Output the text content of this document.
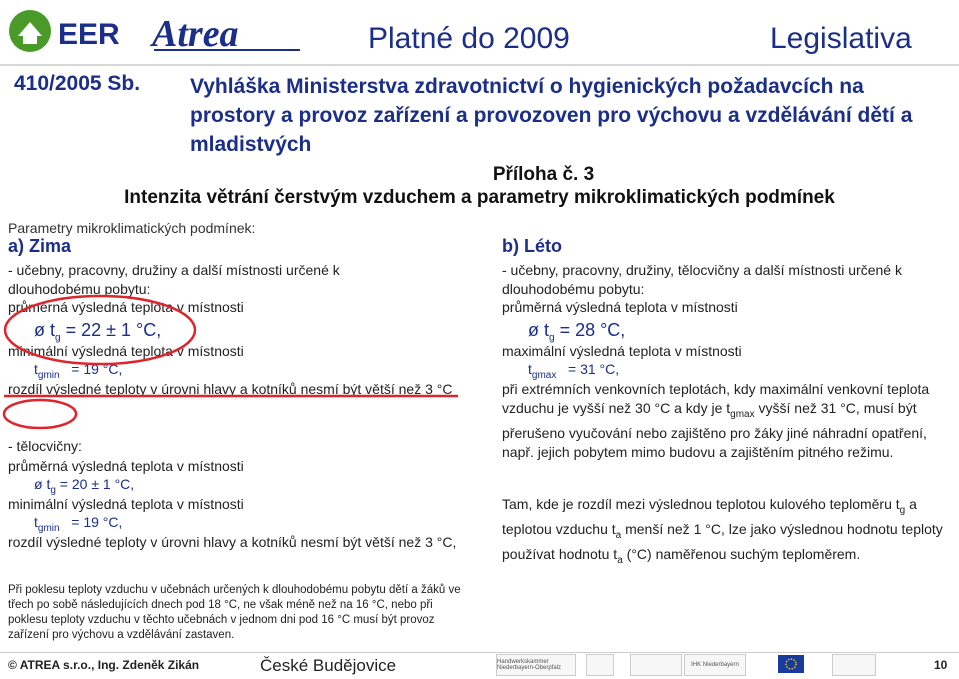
EER Atrea	Platné do 2009	Legislativa
410/2005 Sb. Vyhláška Ministerstva zdravotnictví o hygienických požadavcích na prostory a provoz zařízení a provozoven pro výchovu a vzdělávání dětí a mladistvých
Příloha č. 3
Intenzita větrání čerstvým vzduchem a parametry mikroklimatických podmínek
Parametry mikroklimatických podmínek:
a) Zima
- učebny, pracovny, družiny a další místnosti určené k dlouhodobému pobytu:
průměrná výsledná teplota v místnosti
ø $t_g = 22 \pm 1$ °C,
minimální výsledná teplota v místnosti
$t_{gmin} = 19$ °C,
rozdíl výsledné teploty v úrovni hlavy a kotníků nesmí být větší než 3 °C
- tělocvičny:
průměrná výsledná teplota v místnosti
ø $t_g = 20 \pm 1$ °C,
minimální výsledná teplota v místnosti
$t_{gmin} = 19$ °C,
rozdíl výsledné teploty v úrovni hlavy a kotníků nesmí být větší než 3 °C,
b) Léto
- učebny, pracovny, družiny, tělocvičny a další místnosti určené k dlouhodobému pobytu:
průměrná výsledná teplota v místnosti
ø $t_g = 28$ °C,
maximální výsledná teplota v místnosti
$t_{gmax} = 31$ °C,
při extrémních venkovních teplotách, kdy maximální venkovní teplota vzduchu je vyšší než 30 °C a kdy je $t_{gmax}$ vyšší než 31 °C, musí být přerušeno vyučování nebo zajištěno pro žáky jiné náhradní opatření, např. jejich pobytem mimo budovu a zajištěním pitného režimu.
Tam, kde je rozdíl mezi výslednou teplotou kulového teploměru $t_g$ a teplotou vzduchu $t_a$ menší než 1 °C, lze jako výslednou hodnotu teploty používat hodnotu $t_a$ (°C) naměřenou suchým teploměrem.
Při poklesu teploty vzduchu v učebnách určených k dlouhodobému pobytu dětí a žáků ve třech po sobě následujících dnech pod 18 °C, ne však méně než na 16 °C, nebo při poklesu teploty vzduchu v těchto učebnách v jednom dni pod 16 °C musí být provoz zařízení pro výchovu a vzdělávání zastaven.
© ATREA s.r.o., Ing. Zdeněk Zikán	České Budějovice	Handwerkskammer Niederbayern-Oberpfalz	IHK Niederbayern	10
